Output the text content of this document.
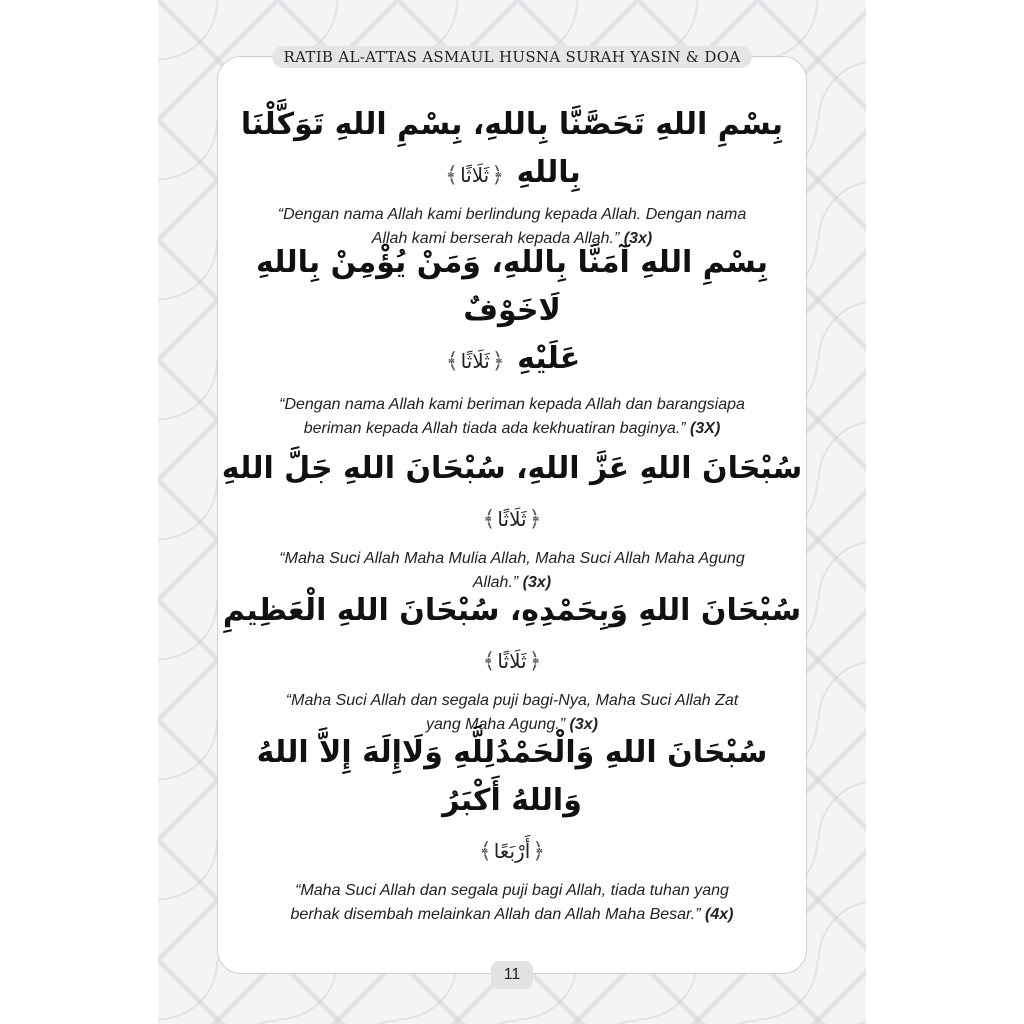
بِسْمِ اللهِ تَحَصَّنَّا بِاللهِ، بِسْمِ اللهِ تَوَكَّلْنَا بِاللهِ ﴿ثَلَاثًا﴾
“Dengan nama Allah kami berlindung kepada Allah. Dengan nama
Allah kami berserah kepada Allah.” (3x)
بِسْمِ اللهِ آمَنَّا بِاللهِ، وَمَنْ يُؤْمِنْ بِاللهِ لَاخَوْفٌ
عَلَيْهِ ﴿ثَلَاثًا﴾
“Dengan nama Allah kami beriman kepada Allah dan barangsiapa
beriman kepada Allah tiada ada kekhuatiran baginya.” (3X)
سُبْحَانَ اللهِ عَزَّ اللهِ، سُبْحَانَ اللهِ جَلَّ اللهِ ﴿ثَلَاثًا﴾
“Maha Suci Allah Maha Mulia Allah, Maha Suci Allah Maha Agung
Allah.” (3x)
سُبْحَانَ اللهِ وَبِحَمْدِهِ، سُبْحَانَ اللهِ الْعَظِيمِ ﴿ثَلَاثًا﴾
“Maha Suci Allah dan segala puji bagi-Nya, Maha Suci Allah Zat
yang Maha Agung.” (3x)
سُبْحَانَ اللهِ وَالْحَمْدُلِلَّهِ وَلَاإِلَهَ إِلاَّ اللهُ وَاللهُ أَكْبَرُ
﴿أَرْبَعًا﴾
“Maha Suci Allah dan segala puji bagi Allah, tiada tuhan yang
berhak disembah melainkan Allah dan Allah Maha Besar.” (4x)
RATIB AL-ATTAS ASMAUL HUSNA SURAH YASIN & DOA
11
